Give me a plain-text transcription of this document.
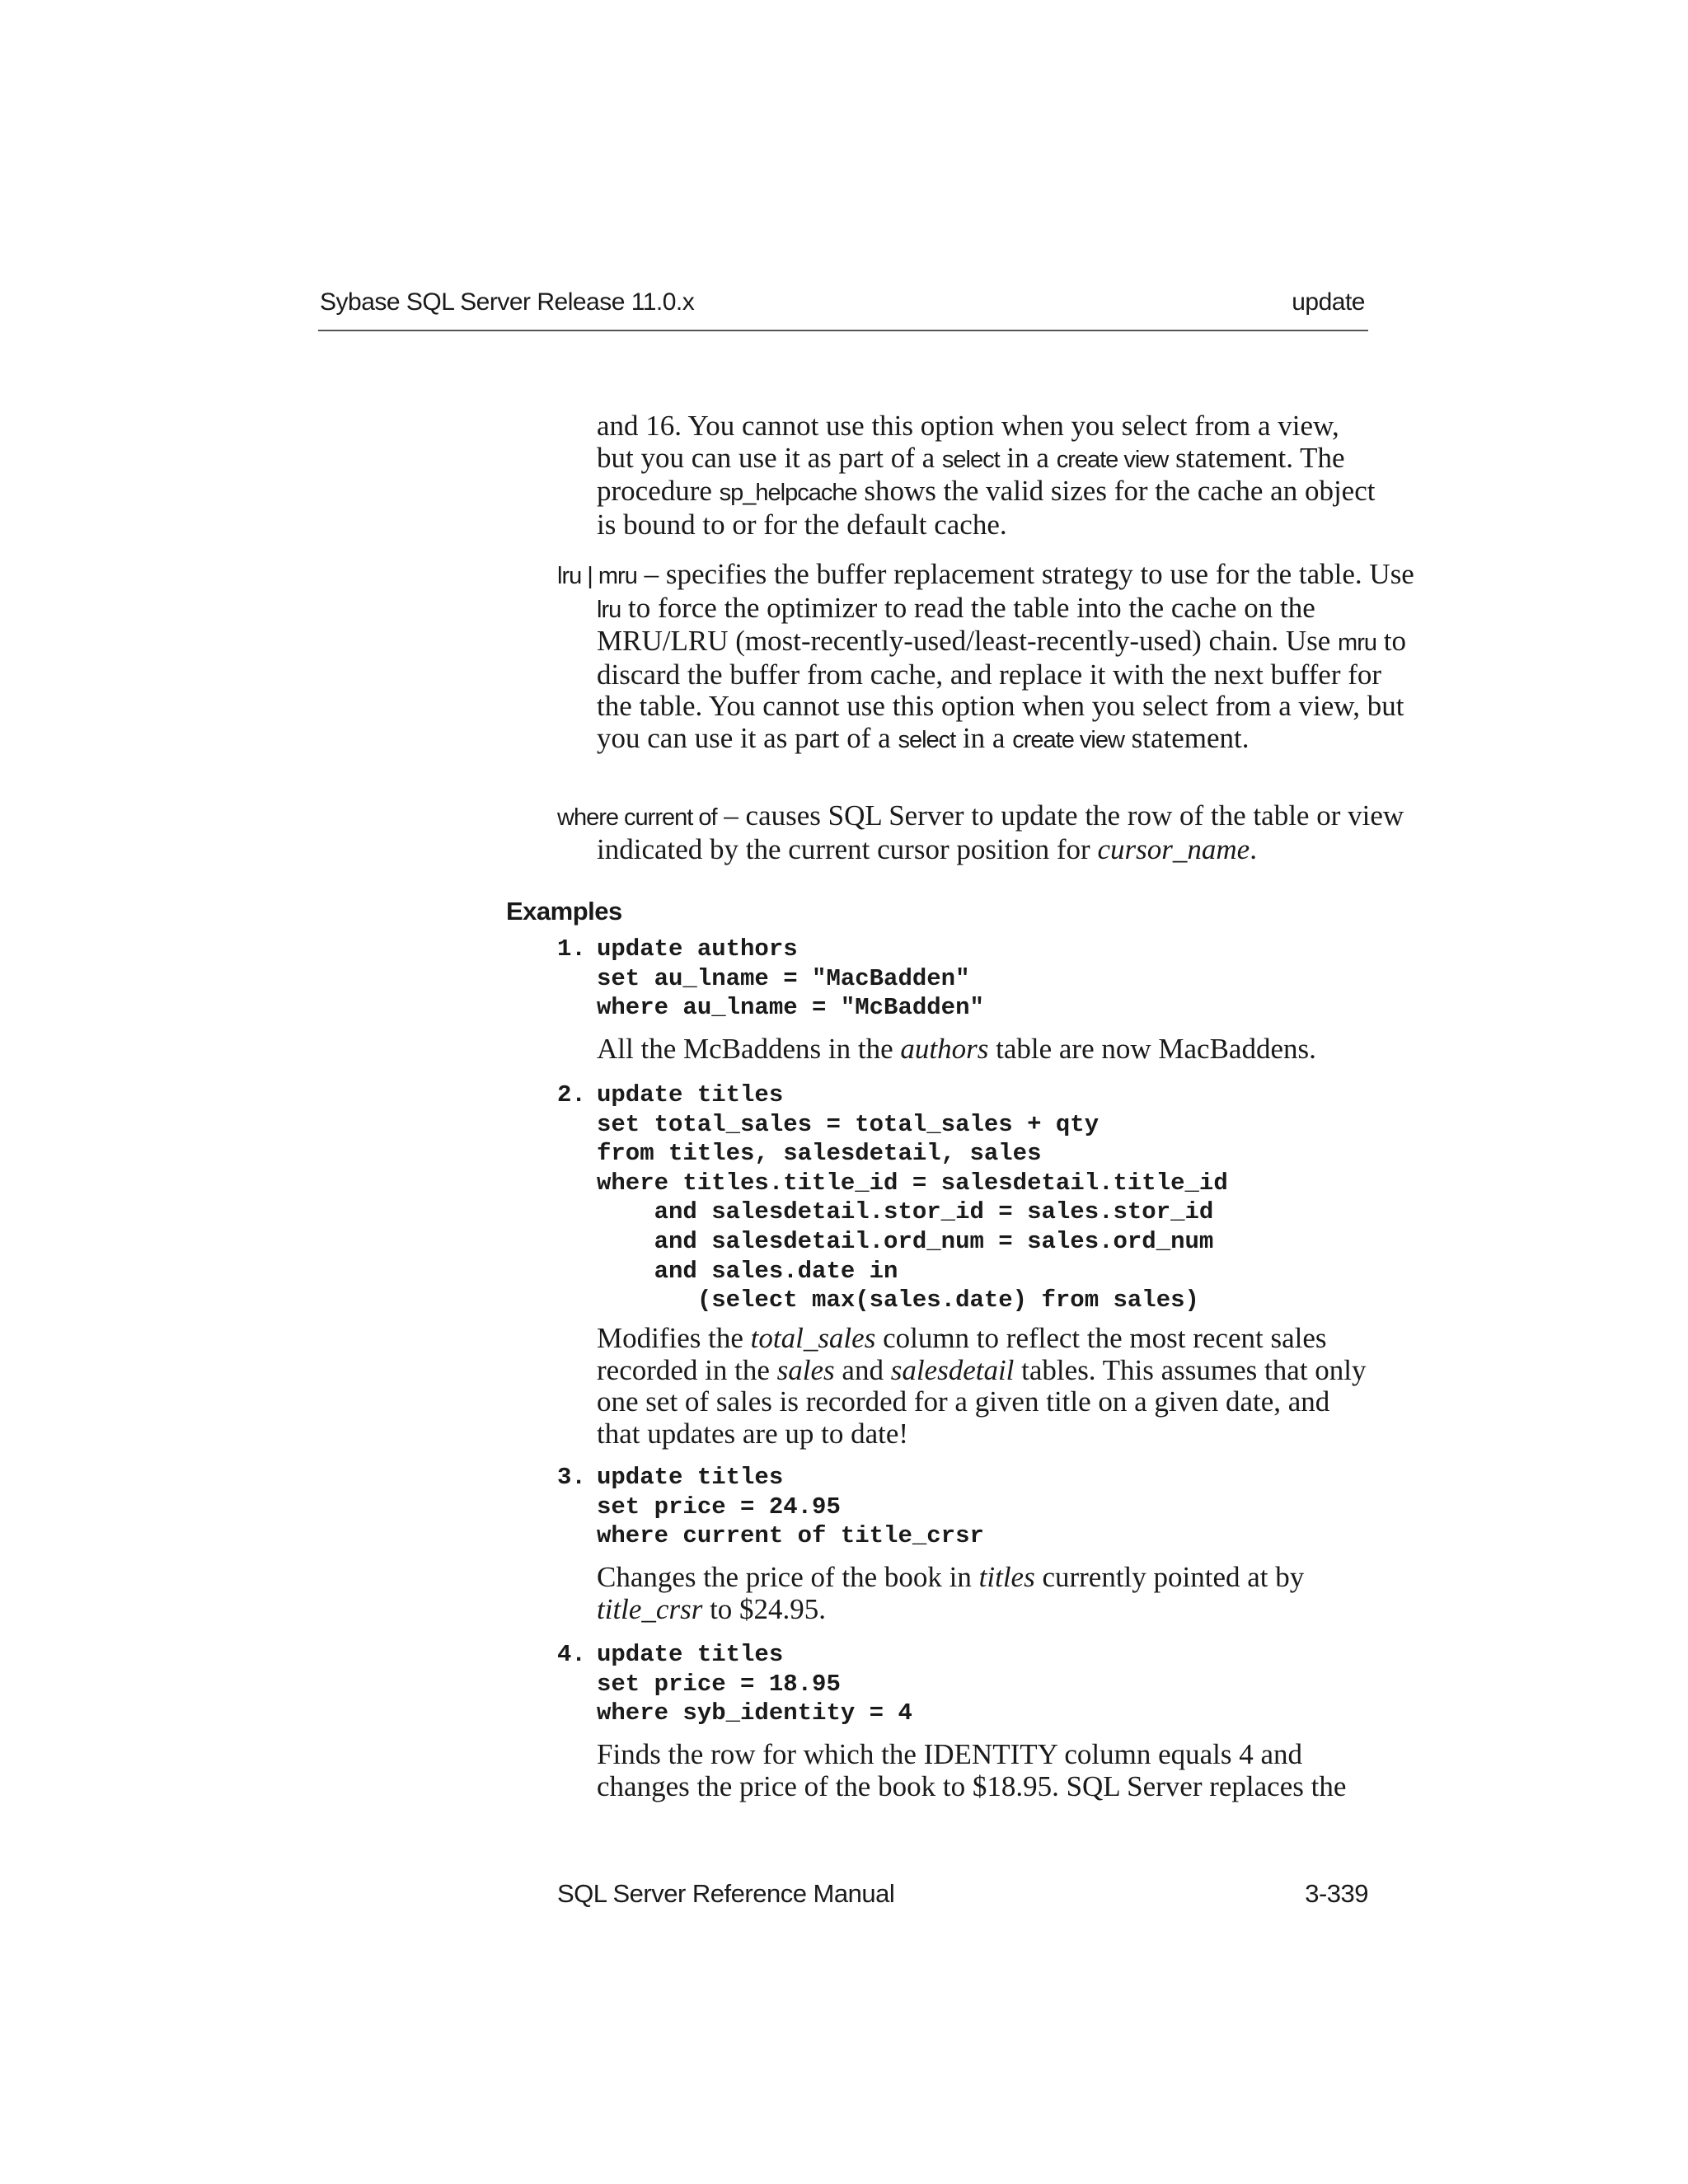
Sybase SQL Server Release 11.0.x	update

and 16. You cannot use this option when you select from a view, but you can use it as part of a select in a create view statement. The procedure sp_helpcache shows the valid sizes for the cache an object is bound to or for the default cache.

lru | mru – specifies the buffer replacement strategy to use for the table. Use lru to force the optimizer to read the table into the cache on the MRU/LRU (most-recently-used/least-recently-used) chain. Use mru to discard the buffer from cache, and replace it with the next buffer for the table. You cannot use this option when you select from a view, but you can use it as part of a select in a create view statement.

where current of – causes SQL Server to update the row of the table or view indicated by the current cursor position for cursor_name.

Examples
1. update authors
set au_lname = "MacBadden"
where au_lname = "McBadden"

All the McBaddens in the authors table are now MacBaddens.

2. update titles
set total_sales = total_sales + qty
from titles, salesdetail, sales
where titles.title_id = salesdetail.title_id
and salesdetail.stor_id = sales.stor_id
and salesdetail.ord_num = sales.ord_num
and sales.date in
(select max(sales.date) from sales)

Modifies the total_sales column to reflect the most recent sales recorded in the sales and salesdetail tables. This assumes that only one set of sales is recorded for a given title on a given date, and that updates are up to date!

3. update titles
set price = 24.95
where current of title_crsr

Changes the price of the book in titles currently pointed at by title_crsr to $24.95.

4. update titles
set price = 18.95
where syb_identity = 4

Finds the row for which the IDENTITY column equals 4 and changes the price of the book to $18.95. SQL Server replaces the

SQL Server Reference Manual	3-339
